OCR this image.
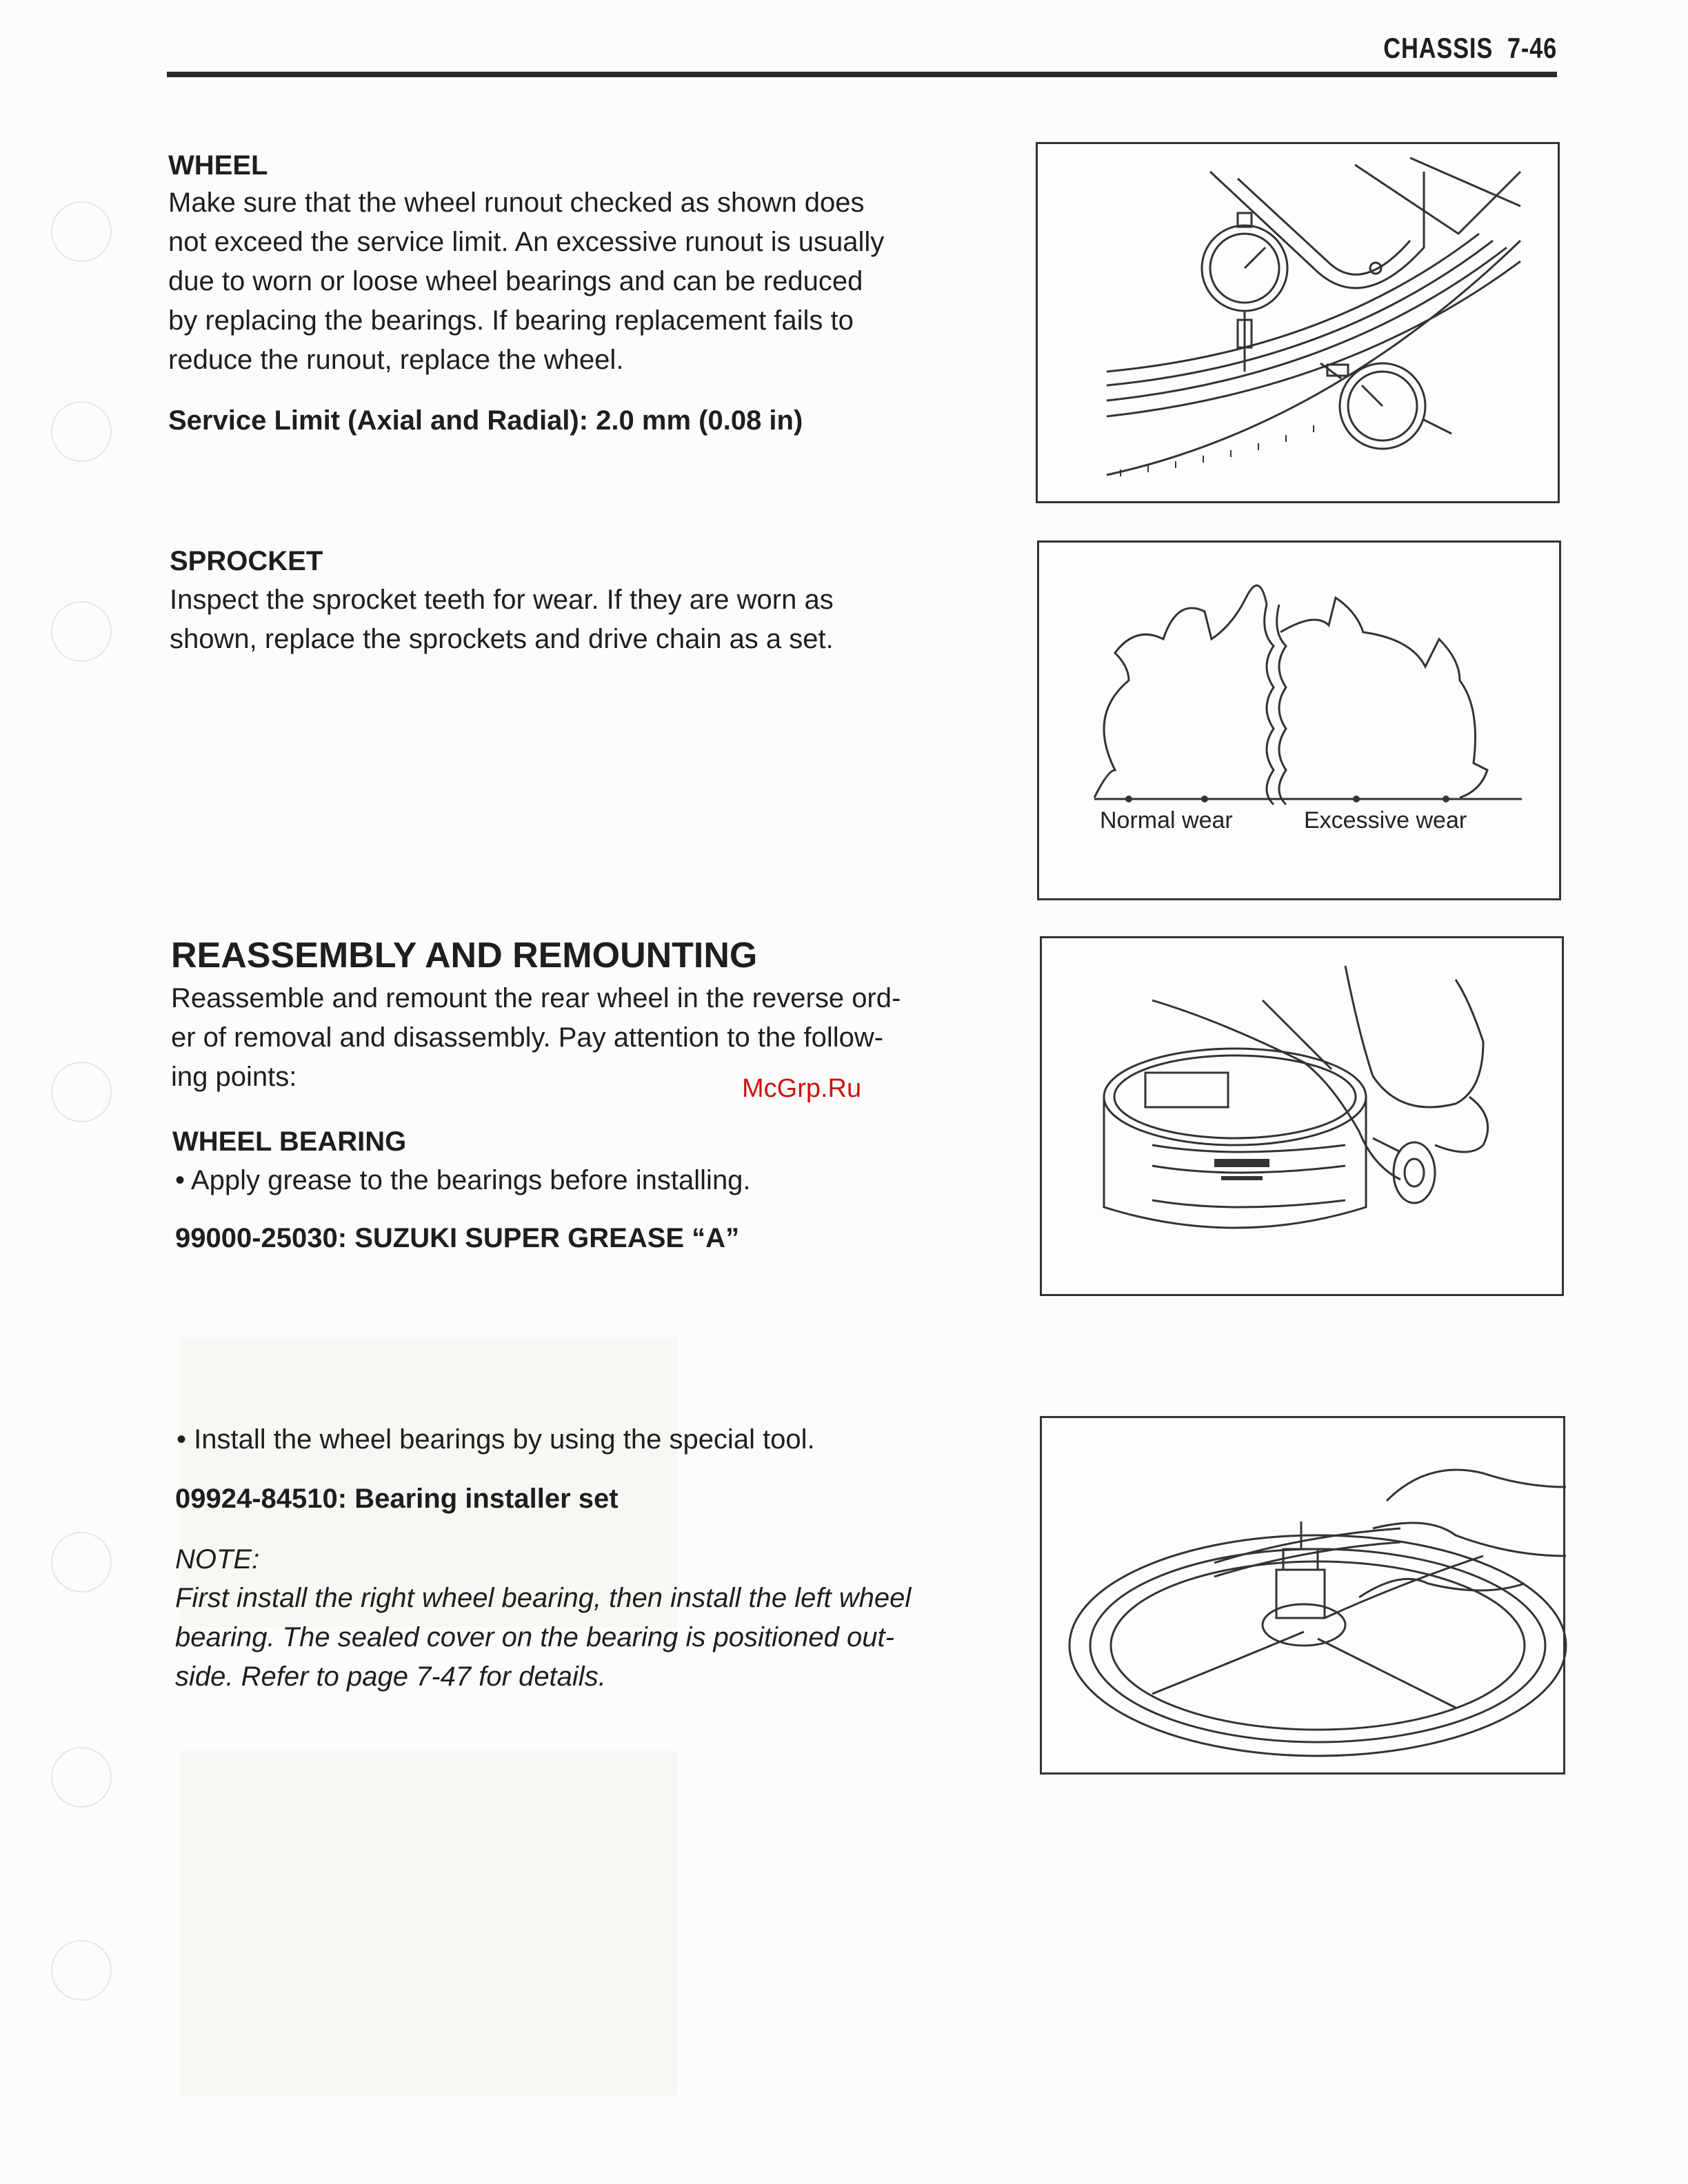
CHASSIS 7-46
WHEEL
Make sure that the wheel runout checked as shown does
not exceed the service limit. An excessive runout is usually
due to worn or loose wheel bearings and can be reduced
by replacing the bearings. If bearing replacement fails to
reduce the runout, replace the wheel.
Service Limit (Axial and Radial): 2.0 mm (0.08 in)
SPROCKET
Inspect the sprocket teeth for wear. If they are worn as
shown, replace the sprockets and drive chain as a set.
Normal wear	Excessive wear
REASSEMBLY AND REMOUNTING
Reassemble and remount the rear wheel in the reverse ord-
er of removal and disassembly. Pay attention to the follow-
ing points:	McGrp.Ru
WHEEL BEARING
• Apply grease to the bearings before installing.
99000-25030: SUZUKI SUPER GREASE “A”
• Install the wheel bearings by using the special tool.
09924-84510: Bearing installer set
NOTE:
First install the right wheel bearing, then install the left wheel
bearing. The sealed cover on the bearing is positioned out-
side. Refer to page 7-47 for details.
